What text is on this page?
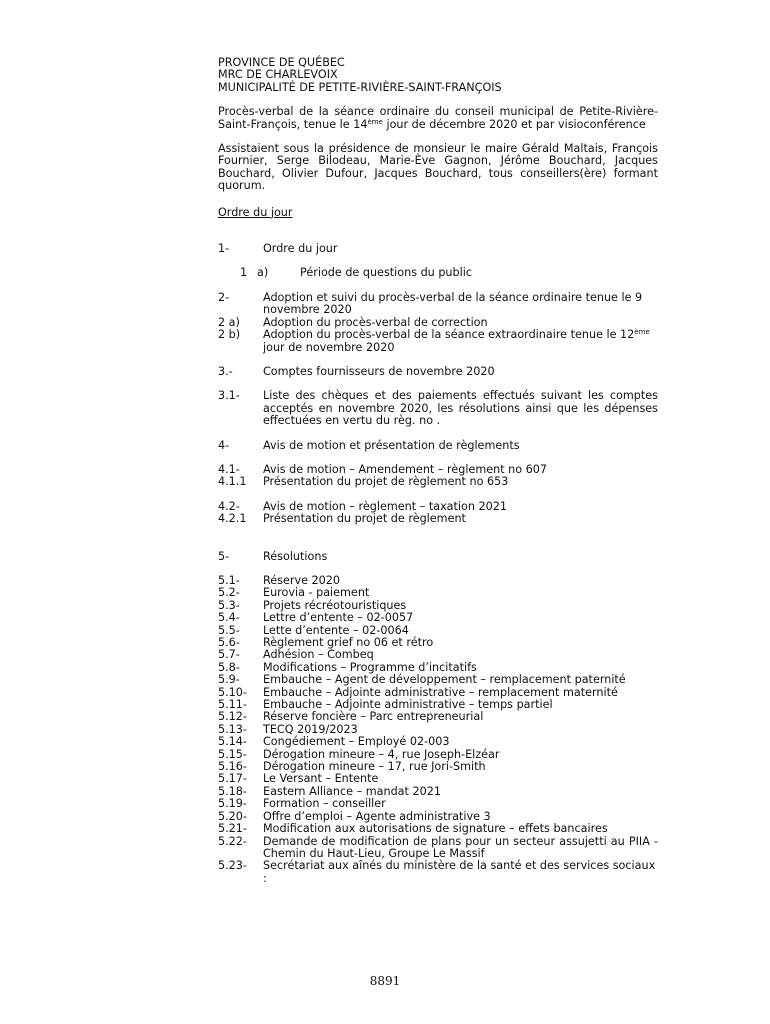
PROVINCE DE QUÉBEC
MRC DE CHARLEVOIX
MUNICIPALITÉ DE PETITE-RIVIÈRE-SAINT-FRANÇOIS
Procès-verbal de la séance ordinaire du conseil municipal de Petite-Rivière-Saint-François, tenue le 14ème jour de décembre 2020 et par visioconférence
Assistaient sous la présidence de monsieur le maire Gérald Maltais, François Fournier, Serge Bilodeau, Marie-Ève Gagnon, Jérôme Bouchard, Jacques Bouchard, Olivier Dufour, Jacques Bouchard, tous conseillers(ère) formant quorum.
Ordre du jour
1-	Ordre du jour
1 a)	Période de questions du public
2-	Adoption et suivi du procès-verbal de la séance ordinaire tenue le 9 novembre 2020
2 a)	Adoption du procès-verbal de correction
2 b)	Adoption du procès-verbal de la séance extraordinaire tenue le 12ème jour de novembre 2020
3.-	Comptes fournisseurs de novembre 2020
3.1-	Liste des chèques et des paiements effectués suivant les comptes acceptés en novembre 2020, les résolutions ainsi que les dépenses effectuées en vertu du règ. no .
4-	Avis de motion et présentation de règlements
4.1-	Avis de motion – Amendement – règlement no 607
4.1.1	Présentation du projet de règlement no 653
4.2-	Avis de motion – règlement – taxation 2021
4.2.1	Présentation du projet de règlement
5-	Résolutions
5.1-	Réserve 2020
5.2-	Eurovia - paiement
5.3-	Projets récréotouristiques
5.4-	Lettre d’entente – 02-0057
5.5-	Lette d’entente – 02-0064
5.6-	Règlement grief no 06 et rétro
5.7-	Adhésion – Combeq
5.8-	Modifications – Programme d’incitatifs
5.9-	Embauche – Agent de développement – remplacement paternité
5.10-	Embauche – Adjointe administrative – remplacement maternité
5.11-	Embauche – Adjointe administrative – temps partiel
5.12-	Réserve foncière – Parc entrepreneurial
5.13-	TECQ 2019/2023
5.14-	Congédiement – Employé 02-003
5.15-	Dérogation mineure – 4, rue Joseph-Elzéar
5.16-	Dérogation mineure – 17, rue Jori-Smith
5.17-	Le Versant – Entente
5.18-	Eastern Alliance – mandat 2021
5.19-	Formation – conseiller
5.20-	Offre d’emploi – Agente administrative 3
5.21-	Modification aux autorisations de signature – effets bancaires
5.22-	Demande de modification de plans pour un secteur assujetti au PIIA - Chemin du Haut-Lieu, Groupe Le Massif
5.23-	Secrétariat aux aînés du ministère de la santé et des services sociaux :
8891
